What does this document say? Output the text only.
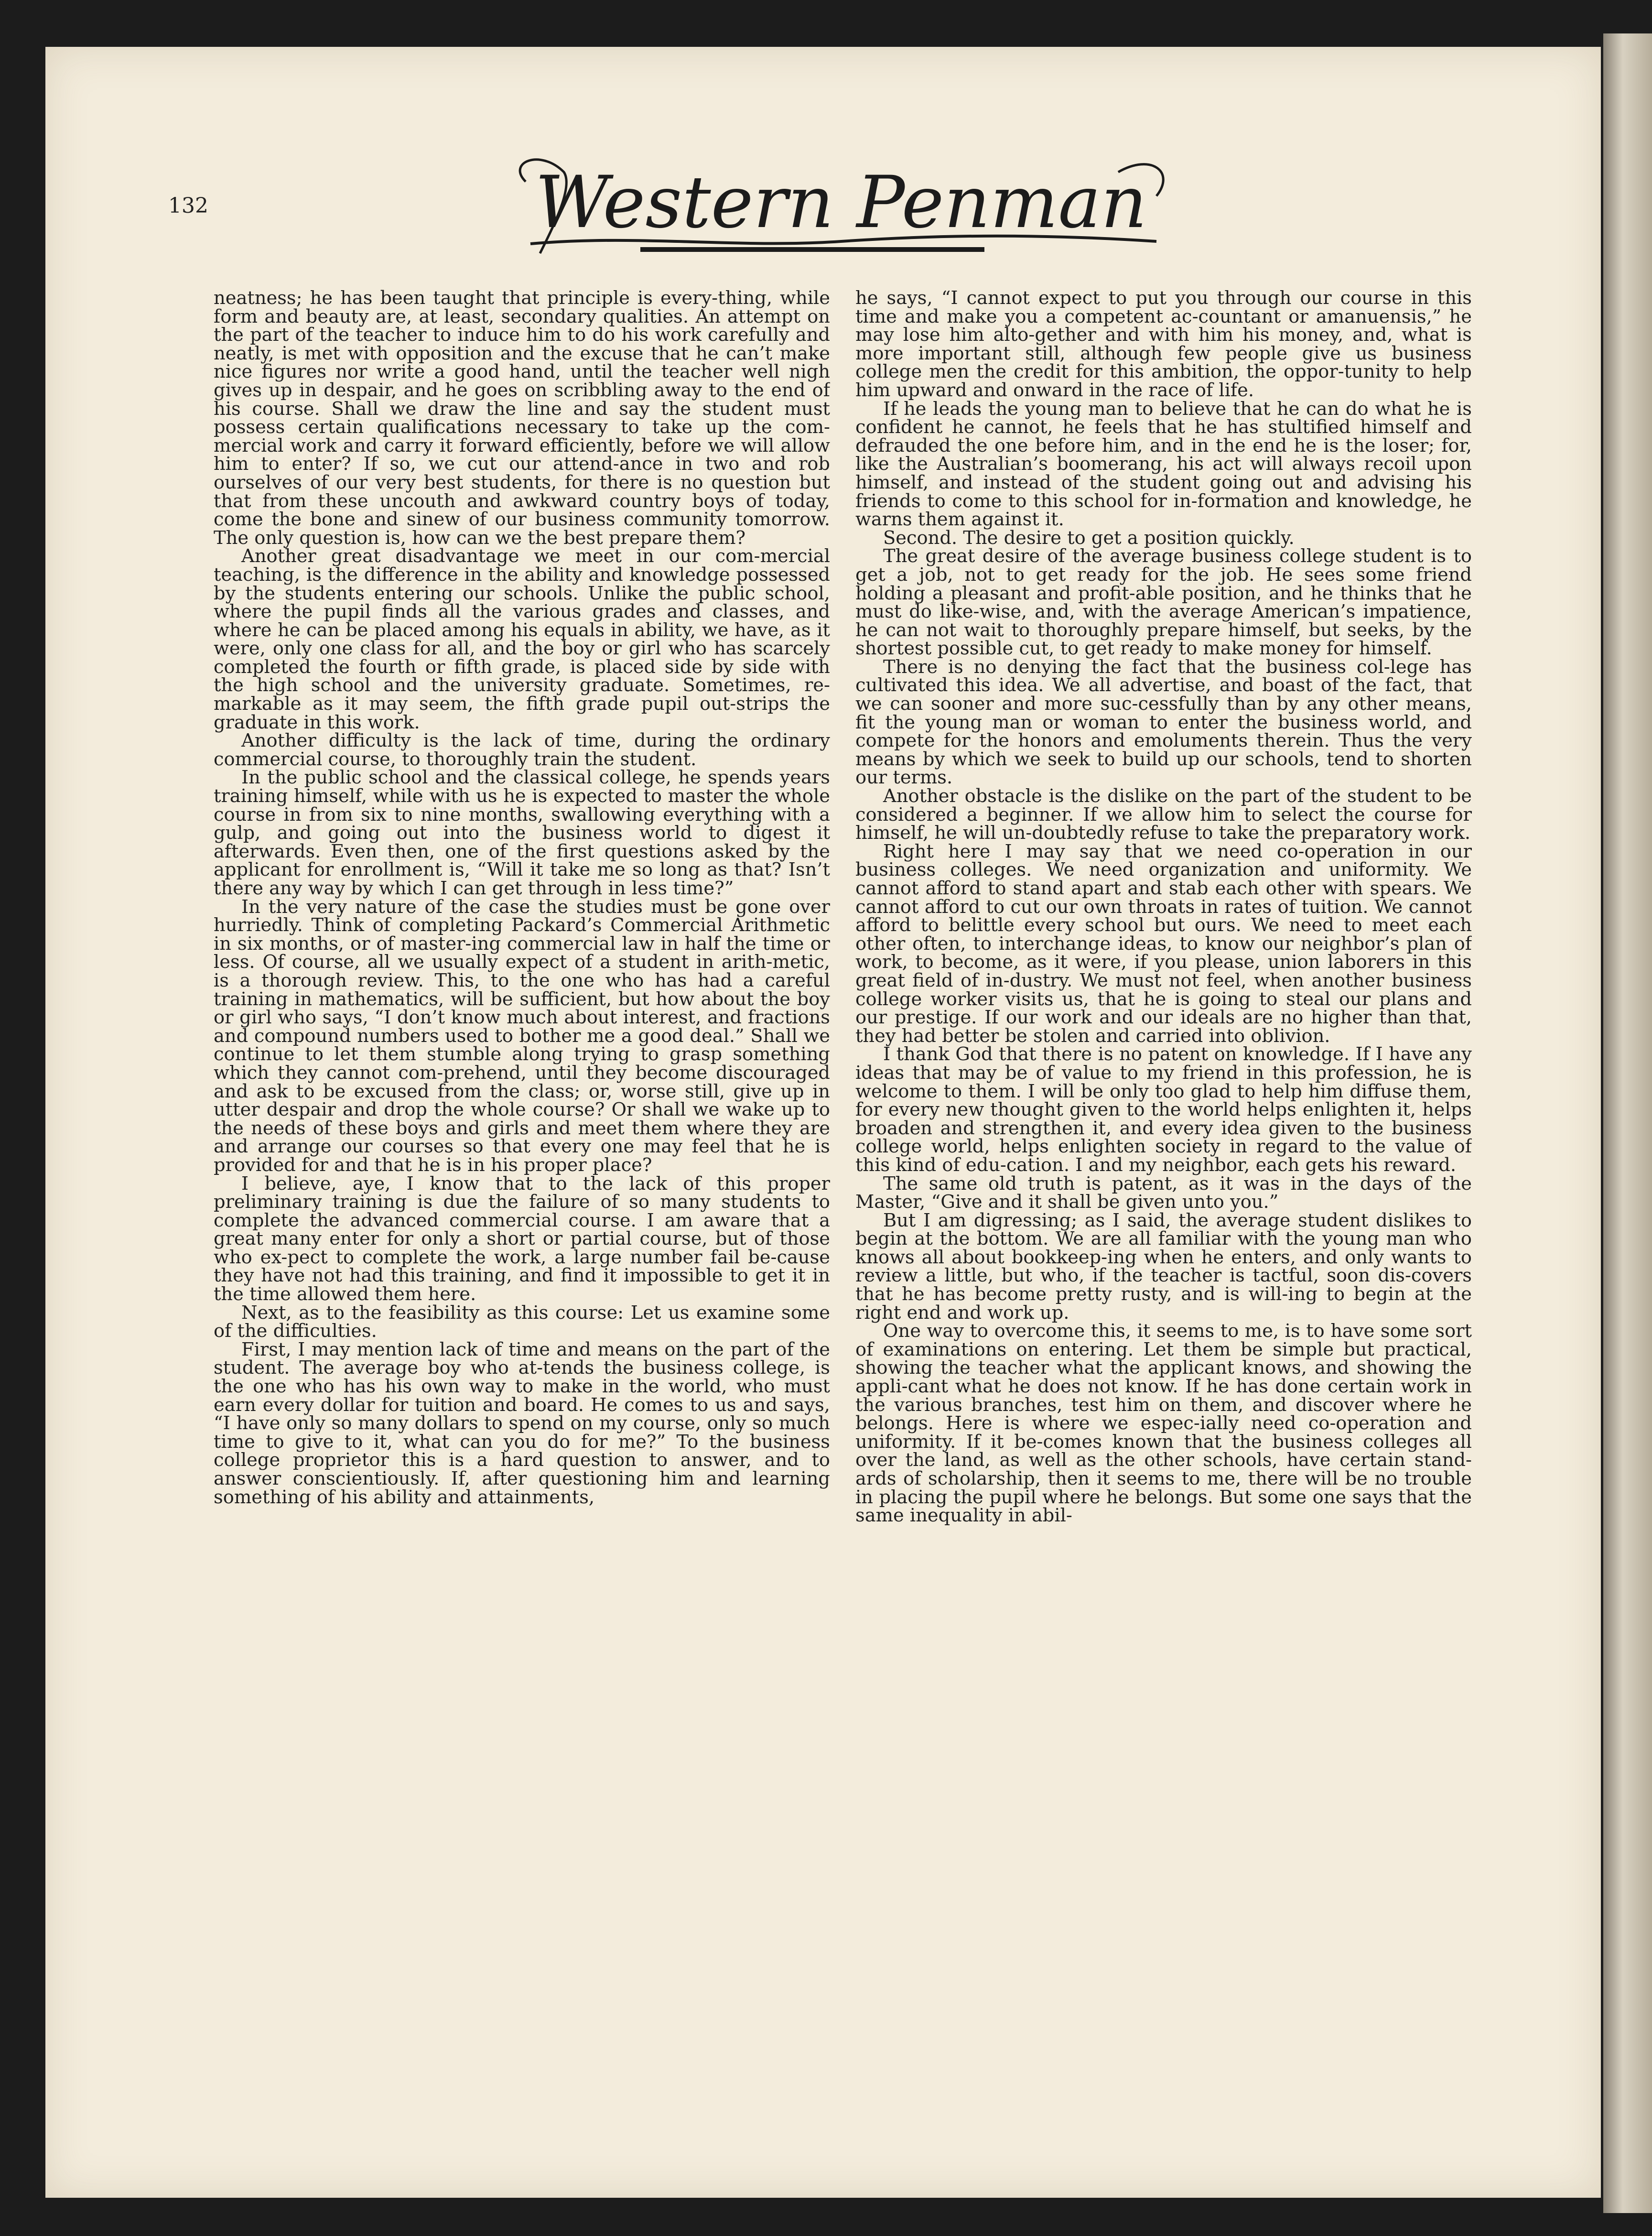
132	Western Penman

neatness; he has been taught that principle is every-thing, while form and beauty are, at least, secondary qualities. An attempt on the part of the teacher to induce him to do his work carefully and neatly, is met with opposition and the excuse that he can’t make nice figures nor write a good hand, until the teacher well nigh gives up in despair, and he goes on scribbling away to the end of his course. Shall we draw the line and say the student must possess certain qualifications necessary to take up the com-mercial work and carry it forward efficiently, before we will allow him to enter? If so, we cut our attend-ance in two and rob ourselves of our very best students, for there is no question but that from these uncouth and awkward country boys of today, come the bone and sinew of our business community tomorrow. The only question is, how can we the best prepare them?

Another great disadvantage we meet in our com-mercial teaching, is the difference in the ability and knowledge possessed by the students entering our schools. Unlike the public school, where the pupil finds all the various grades and classes, and where he can be placed among his equals in ability, we have, as it were, only one class for all, and the boy or girl who has scarcely completed the fourth or fifth grade, is placed side by side with the high school and the university graduate. Sometimes, re-markable as it may seem, the fifth grade pupil out-strips the graduate in this work.

Another difficulty is the lack of time, during the ordinary commercial course, to thoroughly train the student.

In the public school and the classical college, he spends years training himself, while with us he is expected to master the whole course in from six to nine months, swallowing everything with a gulp, and going out into the business world to digest it afterwards. Even then, one of the first questions asked by the applicant for enrollment is, “Will it take me so long as that? Isn’t there any way by which I can get through in less time?”

In the very nature of the case the studies must be gone over hurriedly. Think of completing Packard’s Commercial Arithmetic in six months, or of master-ing commercial law in half the time or less. Of course, all we usually expect of a student in arith-metic, is a thorough review. This, to the one who has had a careful training in mathematics, will be sufficient, but how about the boy or girl who says, “I don’t know much about interest, and fractions and compound numbers used to bother me a good deal.” Shall we continue to let them stumble along trying to grasp something which they cannot com-prehend, until they become discouraged and ask to be excused from the class; or, worse still, give up in utter despair and drop the whole course? Or shall we wake up to the needs of these boys and girls and meet them where they are and arrange our courses so that every one may feel that he is provided for and that he is in his proper place?

I believe, aye, I know that to the lack of this proper preliminary training is due the failure of so many students to complete the advanced commercial course. I am aware that a great many enter for only a short or partial course, but of those who ex-pect to complete the work, a large number fail be-cause they have not had this training, and find it impossible to get it in the time allowed them here.

Next, as to the feasibility as this course: Let us examine some of the difficulties.

First, I may mention lack of time and means on the part of the student. The average boy who at-tends the business college, is the one who has his own way to make in the world, who must earn every dollar for tuition and board. He comes to us and says, “I have only so many dollars to spend on my course, only so much time to give to it, what can you do for me?” To the business college proprietor this is a hard question to answer, and to answer conscientiously. If, after questioning him and learning something of his ability and attainments,

he says, “I cannot expect to put you through our course in this time and make you a competent ac-countant or amanuensis,” he may lose him alto-gether and with him his money, and, what is more important still, although few people give us business college men the credit for this ambition, the oppor-tunity to help him upward and onward in the race of life.

If he leads the young man to believe that he can do what he is confident he cannot, he feels that he has stultified himself and defrauded the one before him, and in the end he is the loser; for, like the Australian’s boomerang, his act will always recoil upon himself, and instead of the student going out and advising his friends to come to this school for in-formation and knowledge, he warns them against it.

Second. The desire to get a position quickly.

The great desire of the average business college student is to get a job, not to get ready for the job. He sees some friend holding a pleasant and profit-able position, and he thinks that he must do like-wise, and, with the average American’s impatience, he can not wait to thoroughly prepare himself, but seeks, by the shortest possible cut, to get ready to make money for himself.

There is no denying the fact that the business col-lege has cultivated this idea. We all advertise, and boast of the fact, that we can sooner and more suc-cessfully than by any other means, fit the young man or woman to enter the business world, and compete for the honors and emoluments therein. Thus the very means by which we seek to build up our schools, tend to shorten our terms.

Another obstacle is the dislike on the part of the student to be considered a beginner. If we allow him to select the course for himself, he will un-doubtedly refuse to take the preparatory work.

Right here I may say that we need co-operation in our business colleges. We need organization and uniformity. We cannot afford to stand apart and stab each other with spears. We cannot afford to cut our own throats in rates of tuition. We cannot afford to belittle every school but ours. We need to meet each other often, to interchange ideas, to know our neighbor’s plan of work, to become, as it were, if you please, union laborers in this great field of in-dustry. We must not feel, when another business college worker visits us, that he is going to steal our plans and our prestige. If our work and our ideals are no higher than that, they had better be stolen and carried into oblivion.

I thank God that there is no patent on knowledge. If I have any ideas that may be of value to my friend in this profession, he is welcome to them. I will be only too glad to help him diffuse them, for every new thought given to the world helps enlighten it, helps broaden and strengthen it, and every idea given to the business college world, helps enlighten society in regard to the value of this kind of edu-cation. I and my neighbor, each gets his reward.

The same old truth is patent, as it was in the days of the Master, “Give and it shall be given unto you.”

But I am digressing; as I said, the average student dislikes to begin at the bottom. We are all familiar with the young man who knows all about bookkeep-ing when he enters, and only wants to review a little, but who, if the teacher is tactful, soon dis-covers that he has become pretty rusty, and is will-ing to begin at the right end and work up.

One way to overcome this, it seems to me, is to have some sort of examinations on entering. Let them be simple but practical, showing the teacher what the applicant knows, and showing the appli-cant what he does not know. If he has done certain work in the various branches, test him on them, and discover where he belongs. Here is where we espec-ially need co-operation and uniformity. If it be-comes known that the business colleges all over the land, as well as the other schools, have certain stand-ards of scholarship, then it seems to me, there will be no trouble in placing the pupil where he belongs. But some one says that the same inequality in abil-
